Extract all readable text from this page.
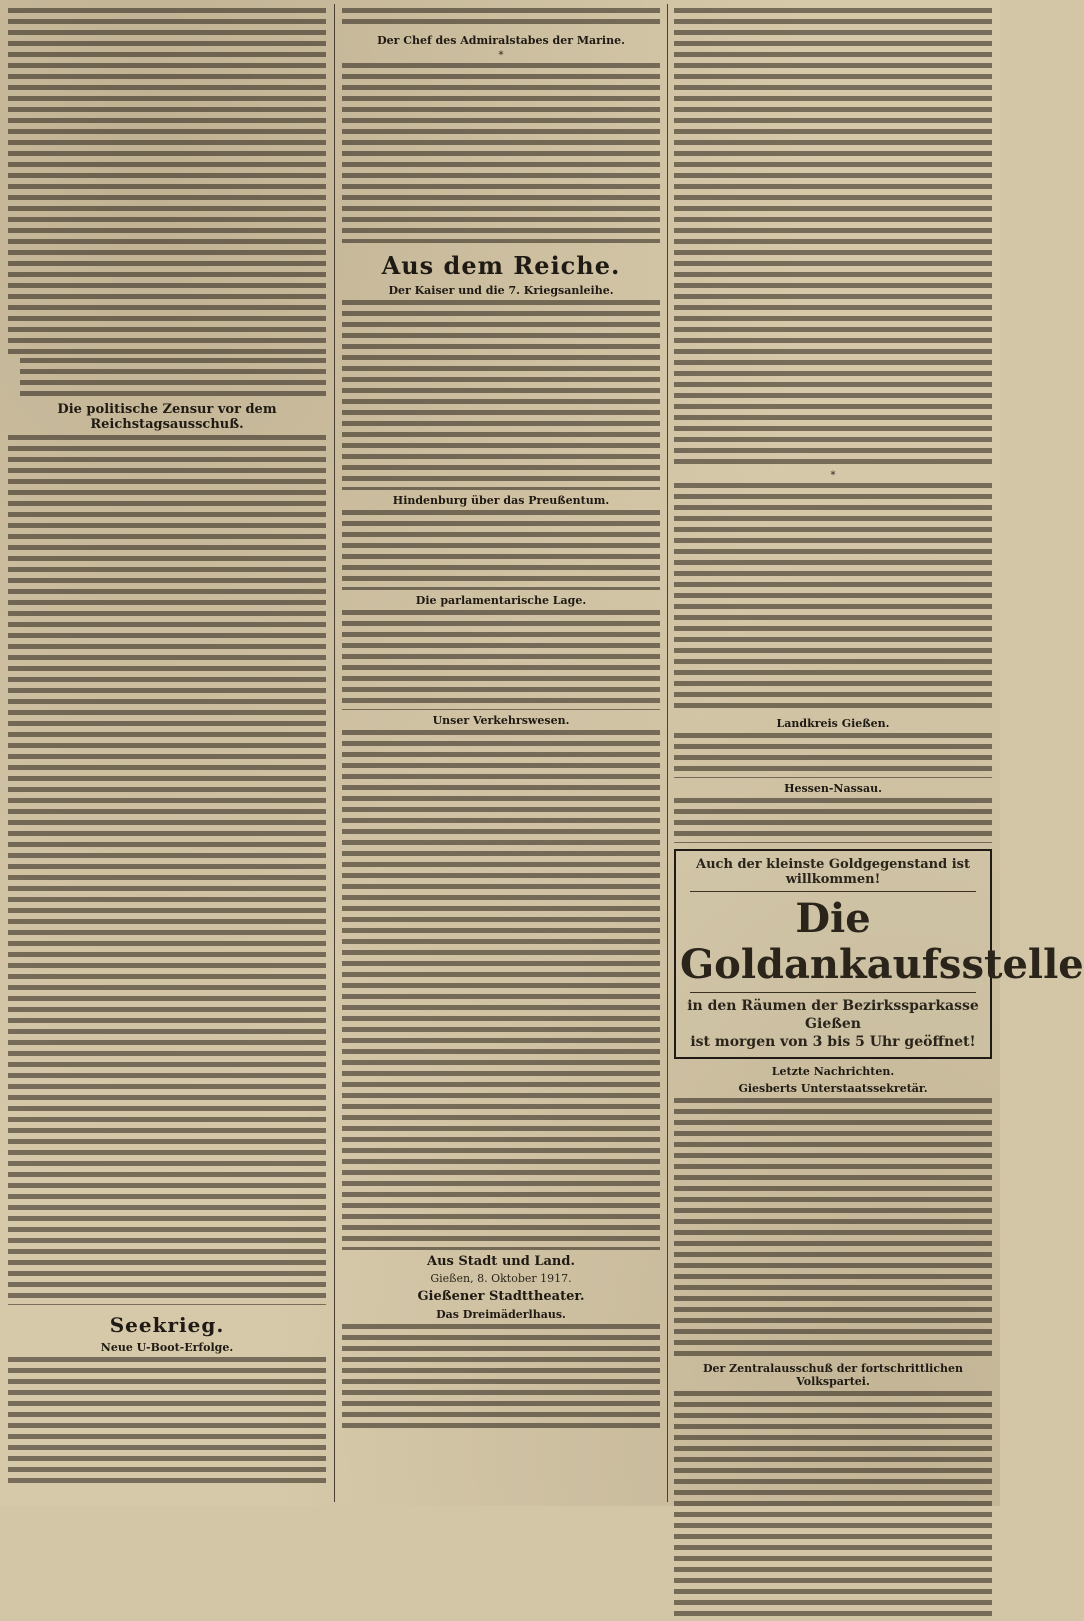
Die politische Zensur vor dem Reichstagsausschuß.
Seekrieg.
Neue U-Boot-Erfolge.
Der Chef des Admiralstabes der Marine.
*
Aus dem Reiche.
Der Kaiser und die 7. Kriegsanleihe.
Hindenburg über das Preußentum.
Die parlamentarische Lage.
Unser Verkehrswesen.
Aus Stadt und Land.
Gießen, 8. Oktober 1917.
Gießener Stadttheater.
Das Dreimäderlhaus.
*
Landkreis Gießen.
Hessen-Nassau.
Auch der kleinste Goldgegenstand ist willkommen!
Die Goldankaufsstelle
in den Räumen der Bezirkssparkasse Gießen
ist morgen von 3 bis 5 Uhr geöffnet!
Letzte Nachrichten.
Giesberts Unterstaatssekretär.
Der Zentralausschuß der fortschrittlichen Volkspartei.
